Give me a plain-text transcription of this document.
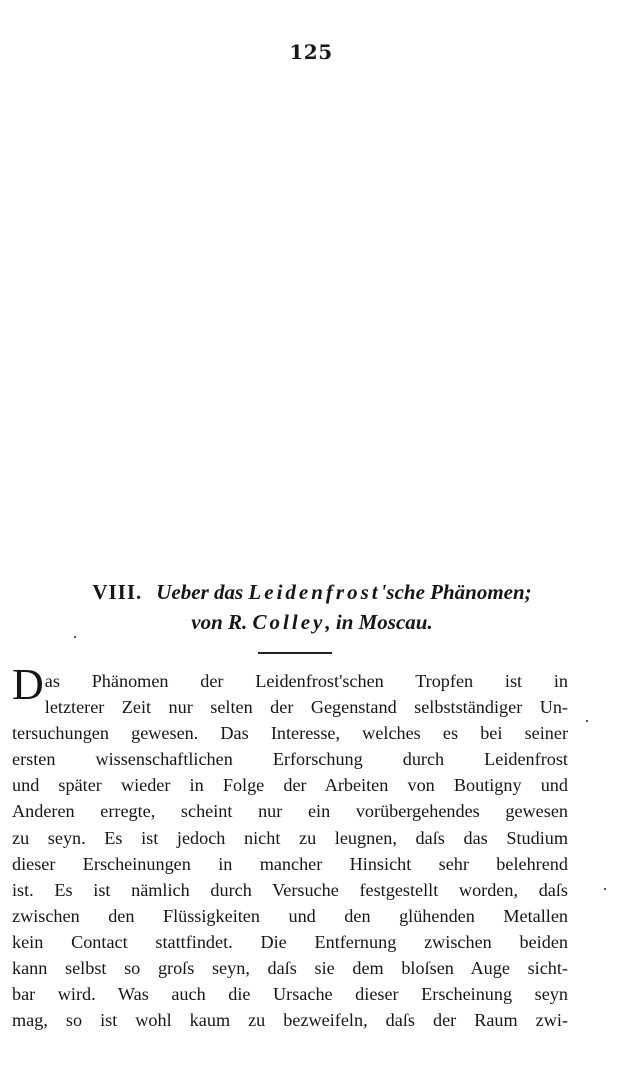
125
VIII. Ueber das Leidenfrost'sche Phänomen;
von R. Colley, in Moscau.
Das Phänomen der Leidenfrost'schen Tropfen ist in
letzterer Zeit nur selten der Gegenstand selbstständiger Un-
tersuchungen gewesen. Das Interesse, welches es bei seiner
ersten wissenschaftlichen Erforschung durch Leidenfrost
und später wieder in Folge der Arbeiten von Boutigny und
Anderen erregte, scheint nur ein vorübergehendes gewesen
zu seyn. Es ist jedoch nicht zu leugnen, daſs das Studium
dieser Erscheinungen in mancher Hinsicht sehr belehrend
ist. Es ist nämlich durch Versuche festgestellt worden, daſs
zwischen den Flüssigkeiten und den glühenden Metallen
kein Contact stattfindet. Die Entfernung zwischen beiden
kann selbst so groſs seyn, daſs sie dem bloſsen Auge sicht-
bar wird. Was auch die Ursache dieser Erscheinung seyn
mag, so ist wohl kaum zu bezweifeln, daſs der Raum zwi-
